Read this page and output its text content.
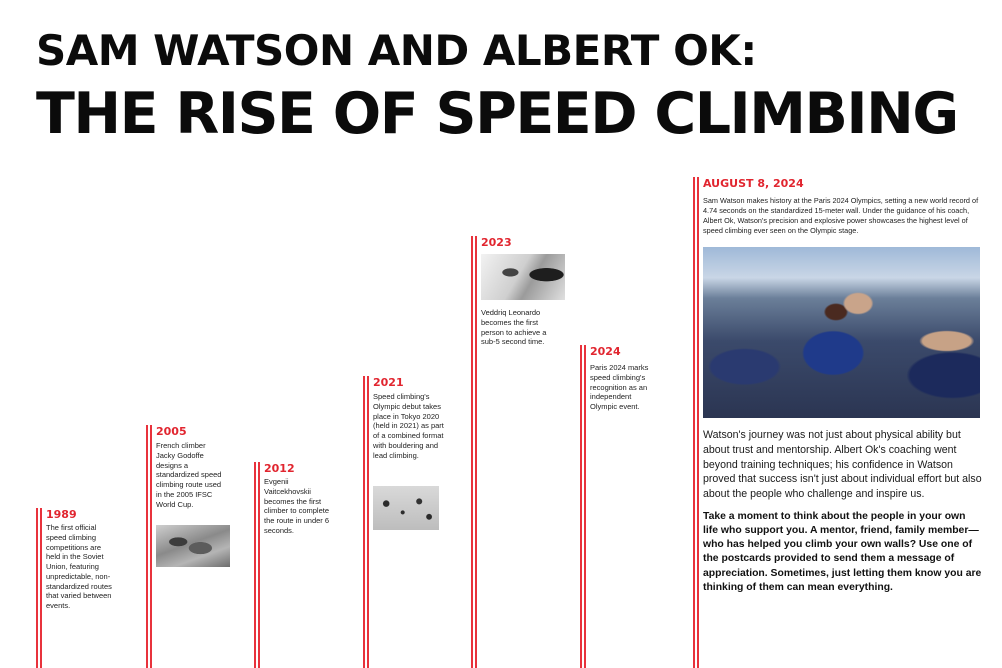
SAM WATSON AND ALBERT OK:
THE RISE OF SPEED CLIMBING
1989
The first official speed climbing competitions are held in the Soviet Union, featuring unpredictable, non-standardized routes that varied between events.
2005
French climber Jacky Godoffe designs a standardized speed climbing route used in the 2005 IFSC World Cup.
2012
Evgenii Vaitcekhovskii becomes the first climber to complete the route in under 6 seconds.
2021
Speed climbing's Olympic debut takes place in Tokyo 2020 (held in 2021) as part of a combined format with bouldering and lead climbing.
2023
Veddriq Leonardo becomes the first person to achieve a sub-5 second time.
2024
Paris 2024 marks speed climbing's recognition as an independent Olympic event.
AUGUST 8, 2024
Sam Watson makes history at the Paris 2024 Olympics, setting a new world record of 4.74 seconds on the standardized 15-meter wall. Under the guidance of his coach, Albert Ok, Watson's precision and explosive power showcases the highest level of speed climbing ever seen on the Olympic stage.
Watson's journey was not just about physical ability but about trust and mentorship. Albert Ok's coaching went beyond training techniques; his confidence in Watson proved that success isn't just about individual effort but also about the people who challenge and inspire us.
Take a moment to think about the people in your own life who support you. A mentor, friend, family member—who has helped you climb your own walls? Use one of the postcards provided to send them a message of appreciation. Sometimes, just letting them know you are thinking of them can mean everything.
